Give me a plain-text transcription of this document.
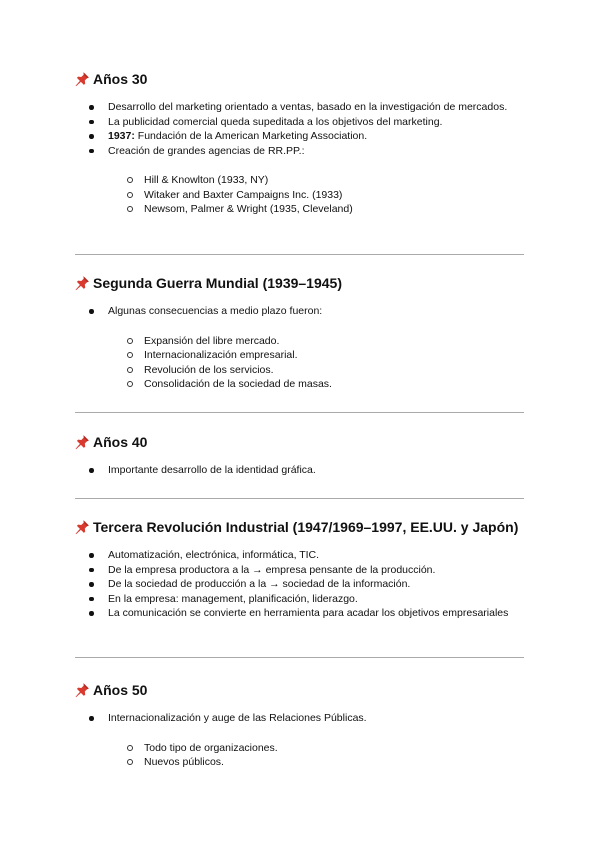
Años 30
Desarrollo del marketing orientado a ventas, basado en la investigación de mercados.
La publicidad comercial queda supeditada a los objetivos del marketing.
1937: Fundación de la American Marketing Association.
Creación de grandes agencias de RR.PP.:
Hill & Knowlton (1933, NY)
Witaker and Baxter Campaigns Inc. (1933)
Newsom, Palmer & Wright (1935, Cleveland)
Segunda Guerra Mundial (1939–1945)
Algunas consecuencias a medio plazo fueron:
Expansión del libre mercado.
Internacionalización empresarial.
Revolución de los servicios.
Consolidación de la sociedad de masas.
Años 40
Importante desarrollo de la identidad gráfica.
Tercera Revolución Industrial (1947/1969–1997, EE.UU. y Japón)
Automatización, electrónica, informática, TIC.
De la empresa productora a la → empresa pensante de la producción.
De la sociedad de producción a la → sociedad de la información.
En la empresa: management, planificación, liderazgo.
La comunicación se convierte en herramienta para acadar los objetivos empresariales
Años 50
Internacionalización y auge de las Relaciones Públicas.
Todo tipo de organizaciones.
Nuevos públicos.
